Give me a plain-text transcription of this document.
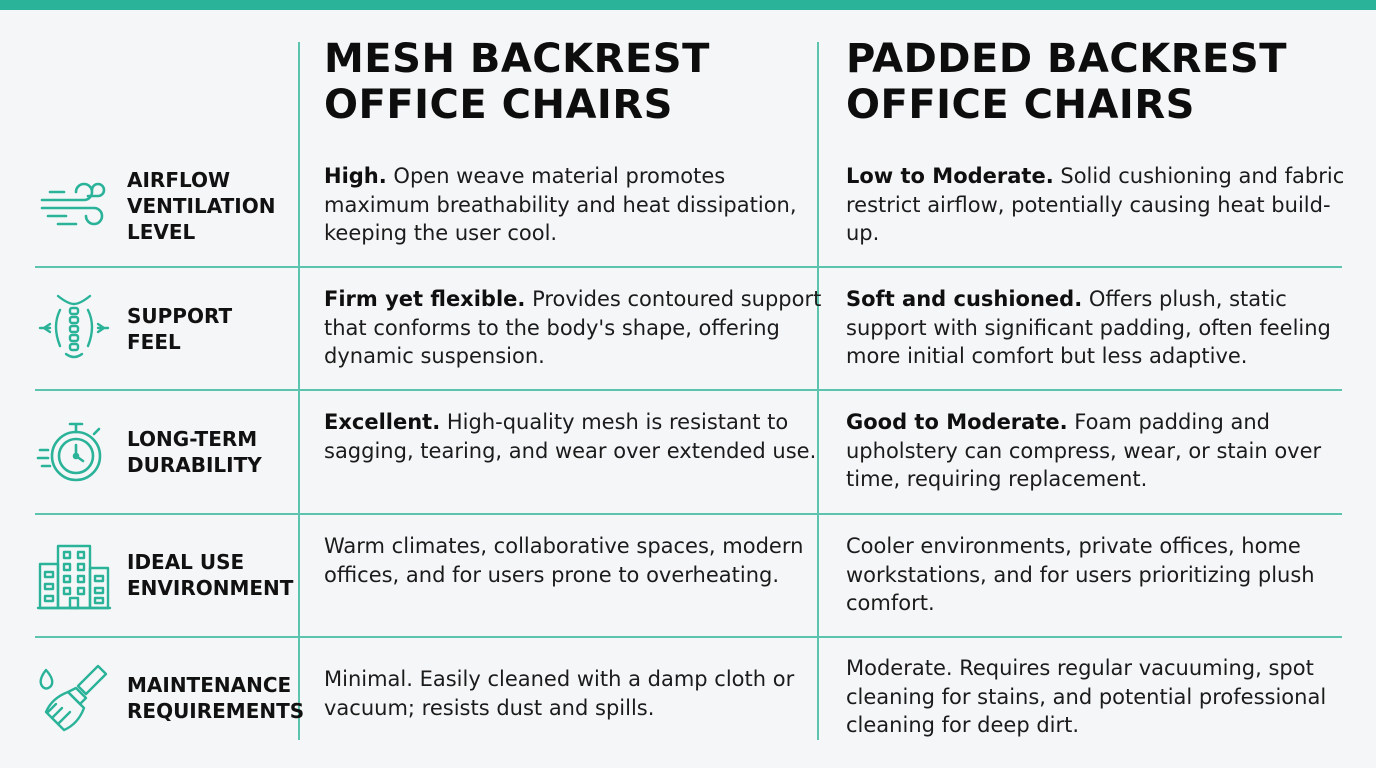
MESH BACKREST
OFFICE CHAIRS
PADDED BACKREST
OFFICE CHAIRS
AIRFLOW
VENTILATION
LEVEL
High. Open weave material promotes maximum breathability and heat dissipation, keeping the user cool.
Low to Moderate. Solid cushioning and fabric restrict airflow, potentially causing heat build-up.
SUPPORT
FEEL
Firm yet flexible. Provides contoured support that conforms to the body's shape, offering dynamic suspension.
Soft and cushioned. Offers plush, static support with significant padding, often feeling more initial comfort but less adaptive.
LONG-TERM
DURABILITY
Excellent. High-quality mesh is resistant to sagging, tearing, and wear over extended use.
Good to Moderate. Foam padding and upholstery can compress, wear, or stain over time, requiring replacement.
IDEAL USE
ENVIRONMENT
Warm climates, collaborative spaces, modern offices, and for users prone to overheating.
Cooler environments, private offices, home workstations, and for users prioritizing plush comfort.
MAINTENANCE
REQUIREMENTS
Minimal. Easily cleaned with a damp cloth or vacuum; resists dust and spills.
Moderate. Requires regular vacuuming, spot cleaning for stains, and potential professional cleaning for deep dirt.
